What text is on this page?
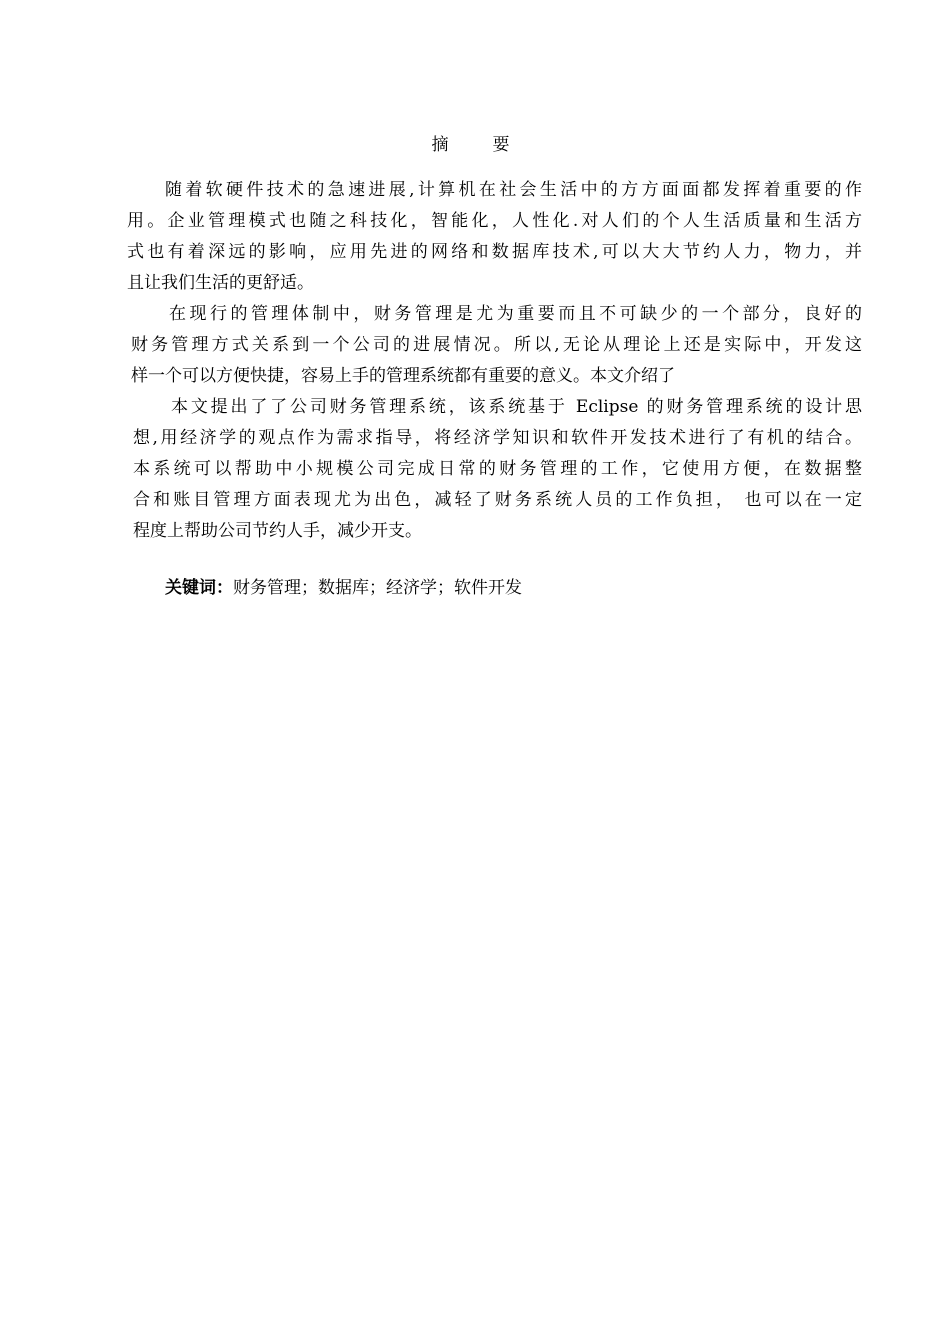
摘要
随着软硬件技术的急速进展,计算机在社会生活中的方方面面都发挥着重要的作
用。企业管理模式也随之科技化，智能化，人性化.对人们的个人生活质量和生活方
式也有着深远的影响，应用先进的网络和数据库技术,可以大大节约人力，物力，并
且让我们生活的更舒适。
在现行的管理体制中，财务管理是尤为重要而且不可缺少的一个部分，良好的
财务管理方式关系到一个公司的进展情况。所以,无论从理论上还是实际中，开发这
样一个可以方便快捷，容易上手的管理系统都有重要的意义。本文介绍了
本文提出了了公司财务管理系统，该系统基于 Eclipse 的财务管理系统的设计思
想,用经济学的观点作为需求指导，将经济学知识和软件开发技术进行了有机的结合。
本系统可以帮助中小规模公司完成日常的财务管理的工作，它使用方便，在数据整
合和账目管理方面表现尤为出色，减轻了财务系统人员的工作负担， 也可以在一定
程度上帮助公司节约人手，减少开支。
关键词：财务管理；数据库；经济学；软件开发
